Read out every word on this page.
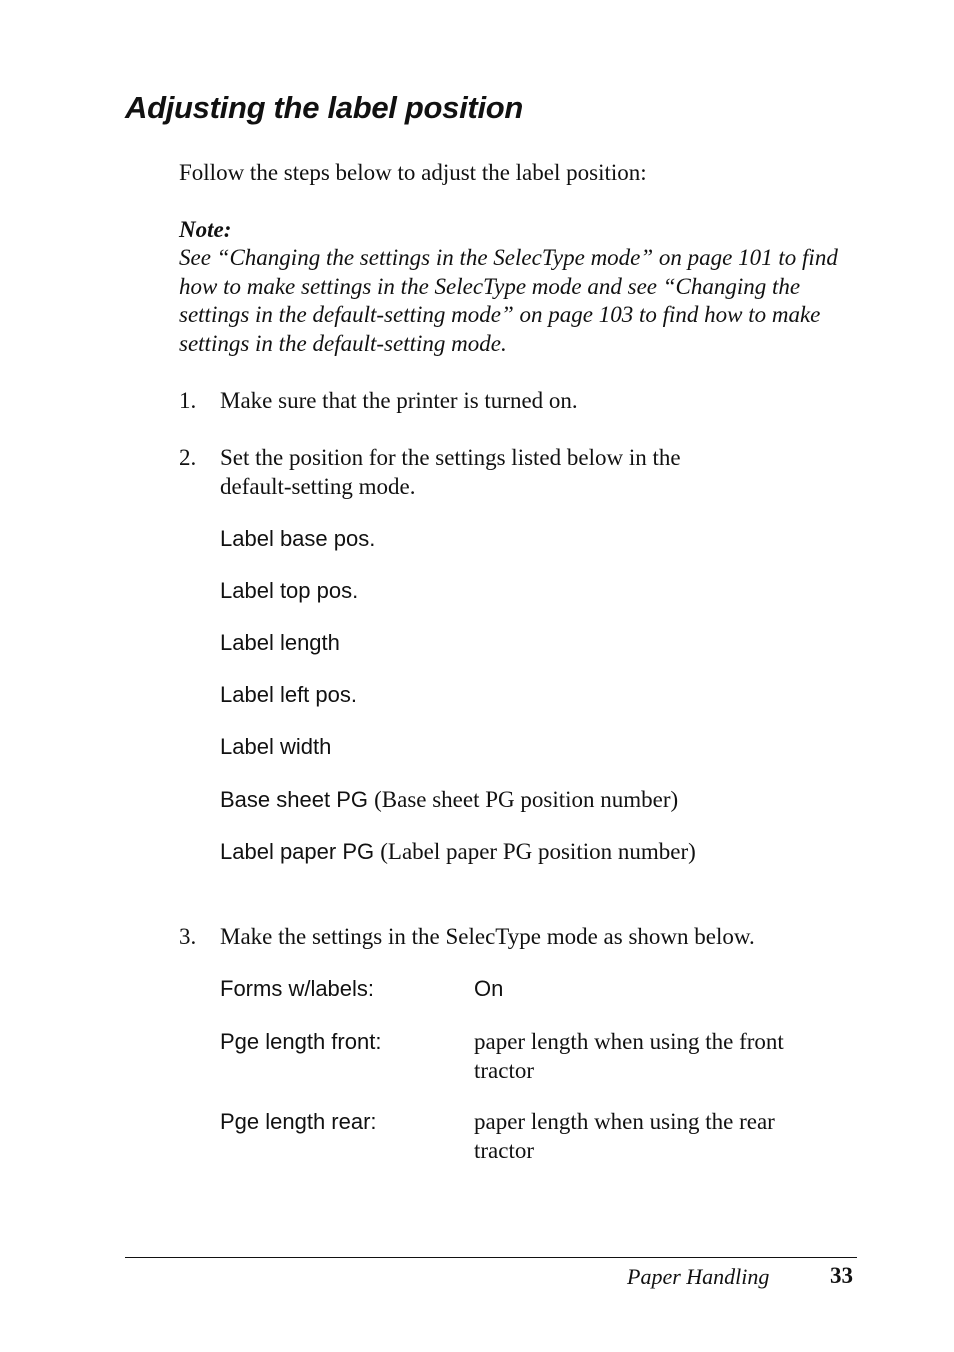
Adjusting the label position

Follow the steps below to adjust the label position:

Note:

See “Changing the settings in the SelecType mode” on page 101 to find
how to make settings in the SelecType mode and see “Changing the
settings in the default-setting mode” on page 103 to find how to make
settings in the default-setting mode.
1. Make sure that the printer is turned on.
2. Set the position for the settings listed below in the
default-setting mode.
Label base pos.
Label top pos.
Label length
Label left pos.
Label width
Base sheet PG (Base sheet PG position number)
Label paper PG (Label paper PG position number)
3. Make the settings in the SelecType mode as shown below.
Forms w/labels:	On
Pge length front:	paper length when using the front
tractor
Pge length rear:	paper length when using the rear
tractor
Paper Handling	33
